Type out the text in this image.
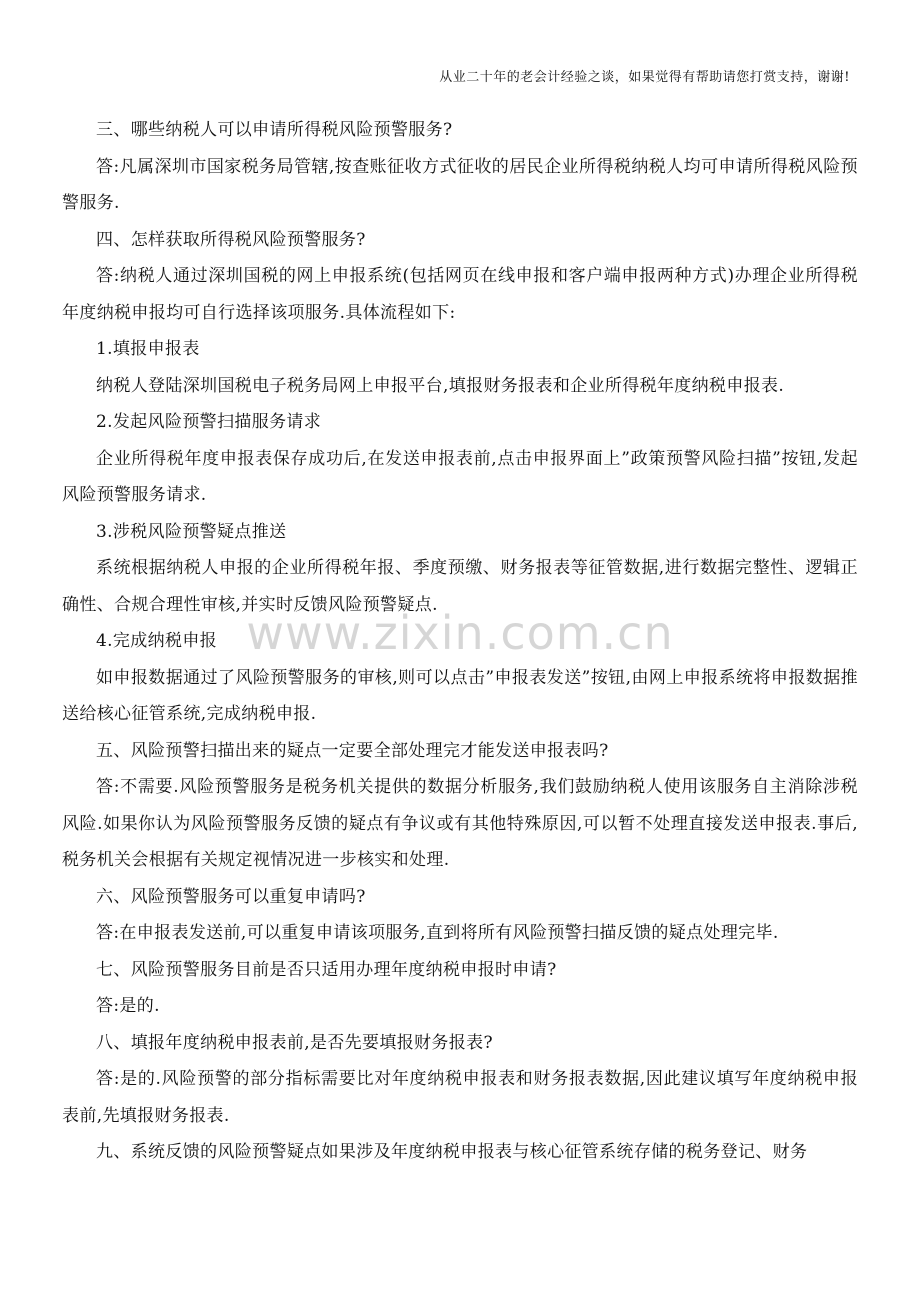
从业二十年的老会计经验之谈，如果觉得有帮助请您打赏支持，谢谢!
www.zixin.com.cn

三、哪些纳税人可以申请所得税风险预警服务?

答:凡属深圳市国家税务局管辖,按查账征收方式征收的居民企业所得税纳税人均可申请所得税风险预警服务.

四、怎样获取所得税风险预警服务?

答:纳税人通过深圳国税的网上申报系统(包括网页在线申报和客户端申报两种方式)办理企业所得税年度纳税申报均可自行选择该项服务.具体流程如下:

1.填报申报表

纳税人登陆深圳国税电子税务局网上申报平台,填报财务报表和企业所得税年度纳税申报表.

2.发起风险预警扫描服务请求

企业所得税年度申报表保存成功后,在发送申报表前,点击申报界面上”政策预警风险扫描”按钮,发起风险预警服务请求.

3.涉税风险预警疑点推送

系统根据纳税人申报的企业所得税年报、季度预缴、财务报表等征管数据,进行数据完整性、逻辑正确性、合规合理性审核,并实时反馈风险预警疑点.

4.完成纳税申报

如申报数据通过了风险预警服务的审核,则可以点击”申报表发送”按钮,由网上申报系统将申报数据推送给核心征管系统,完成纳税申报.

五、风险预警扫描出来的疑点一定要全部处理完才能发送申报表吗?

答:不需要.风险预警服务是税务机关提供的数据分析服务,我们鼓励纳税人使用该服务自主消除涉税风险.如果你认为风险预警服务反馈的疑点有争议或有其他特殊原因,可以暂不处理直接发送申报表.事后,税务机关会根据有关规定视情况进一步核实和处理.

六、风险预警服务可以重复申请吗?

答:在申报表发送前,可以重复申请该项服务,直到将所有风险预警扫描反馈的疑点处理完毕.

七、风险预警服务目前是否只适用办理年度纳税申报时申请?

答:是的.

八、填报年度纳税申报表前,是否先要填报财务报表?

答:是的.风险预警的部分指标需要比对年度纳税申报表和财务报表数据,因此建议填写年度纳税申报表前,先填报财务报表.

九、系统反馈的风险预警疑点如果涉及年度纳税申报表与核心征管系统存储的税务登记、财务
